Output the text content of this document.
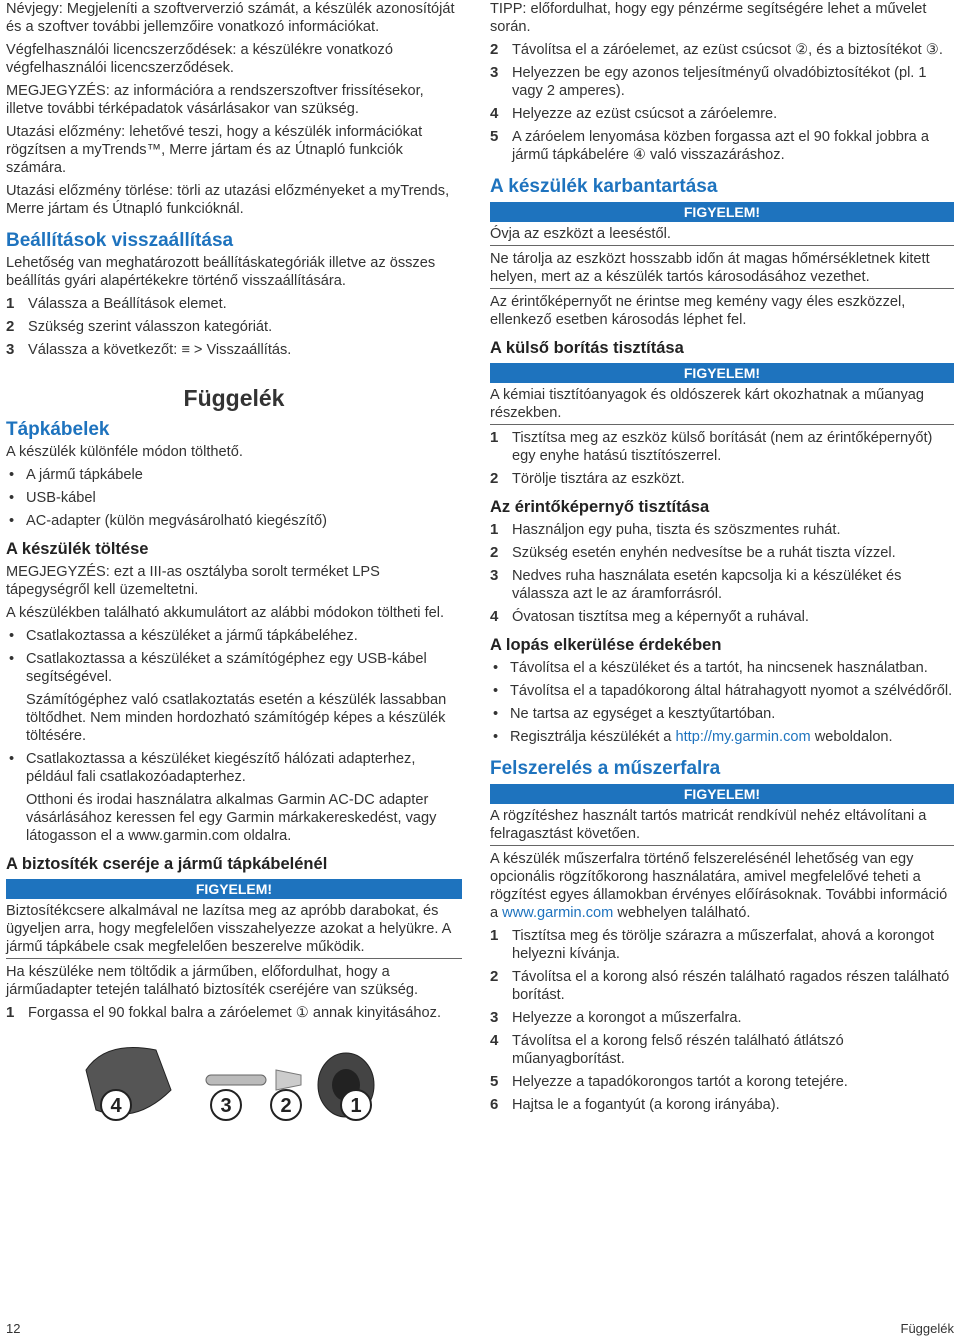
Névjegy: Megjeleníti a szoftververzió számát, a készülék azonosítóját és a szoftver további jellemzőire vonatkozó információkat.

Végfelhasználói licencszerződések: a készülékre vonatkozó végfelhasználói licencszerződések.

MEGJEGYZÉS: az információra a rendszerszoftver frissítésekor, illetve további térképadatok vásárlásakor van szükség.

Utazási előzmény: lehetővé teszi, hogy a készülék információkat rögzítsen a myTrends™, Merre jártam és az Útnapló funkciók számára.

Utazási előzmény törlése: törli az utazási előzményeket a myTrends, Merre jártam és Útnapló funkcióknál.

Beállítások visszaállítása

Lehetőség van meghatározott beállításkategóriák illetve az összes beállítás gyári alapértékekre történő visszaállítására.

1 Válassza a Beállítások elemet.
2 Szükség szerint válasszon kategóriát.
3 Válassza a következőt: ≡ > Visszaállítás.
Függelék
Tápkábelek

A készülék különféle módon tölthető.

• A jármű tápkábele
• USB-kábel
• AC-adapter (külön megvásárolható kiegészítő)
A készülék töltése

MEGJEGYZÉS: ezt a III-as osztályba sorolt terméket LPS tápegységről kell üzemeltetni.

A készülékben található akkumulátort az alábbi módokon töltheti fel.

• Csatlakoztassa a készüléket a jármű tápkábeléhez.
• Csatlakoztassa a készüléket a számítógéphez egy USB-kábel segítségével.

Számítógéphez való csatlakoztatás esetén a készülék lassabban töltődhet. Nem minden hordozható számítógép képes a készülék töltésére.

• Csatlakoztassa a készüléket kiegészítő hálózati adapterhez, például fali csatlakozóadapterhez.

Otthoni és irodai használatra alkalmas Garmin AC-DC adapter vásárlásához keressen fel egy Garmin márkakereskedést, vagy látogasson el a www.garmin.com oldalra.

A biztosíték cseréje a jármű tápkábelénél
FIGYELEM!

Biztosítékcsere alkalmával ne lazítsa meg az apróbb darabokat, és ügyeljen arra, hogy megfelelően visszahelyezze azokat a helyükre. A jármű tápkábele csak megfelelően beszerelve működik.

Ha készüléke nem töltődik a járműben, előfordulhat, hogy a járműadapter tetején található biztosíték cseréjére van szükség.

1 Forgassa el 90 fokkal balra a záróelemet ① annak kinyitásához.
4	3 2	1

TIPP: előfordulhat, hogy egy pénzérme segítségére lehet a művelet során.

2 Távolítsa el a záróelemet, az ezüst csúcsot ②, és a biztosítékot ③.
3 Helyezzen be egy azonos teljesítményű olvadóbiztosítékot (pl. 1 vagy 2 amperes).
4 Helyezze az ezüst csúcsot a záróelemre.
5 A záróelem lenyomása közben forgassa azt el 90 fokkal jobbra a jármű tápkábelére ④ való visszazáráshoz.
A készülék karbantartása
FIGYELEM!

Óvja az eszközt a leeséstől.

Ne tárolja az eszközt hosszabb időn át magas hőmérsékletnek kitett helyen, mert az a készülék tartós károsodásához vezethet.

Az érintőképernyőt ne érintse meg kemény vagy éles eszközzel, ellenkező esetben károsodás léphet fel.

A külső borítás tisztítása
FIGYELEM!

A kémiai tisztítóanyagok és oldószerek kárt okozhatnak a műanyag részekben.

1 Tisztítsa meg az eszköz külső borítását (nem az érintőképernyőt) egy enyhe hatású tisztítószerrel.
2 Törölje tisztára az eszközt.
Az érintőképernyő tisztítása
1 Használjon egy puha, tiszta és szöszmentes ruhát.
2 Szükség esetén enyhén nedvesítse be a ruhát tiszta vízzel.
3 Nedves ruha használata esetén kapcsolja ki a készüléket és válassza azt le az áramforrásról.
4 Óvatosan tisztítsa meg a képernyőt a ruhával.
A lopás elkerülése érdekében
• Távolítsa el a készüléket és a tartót, ha nincsenek használatban.
• Távolítsa el a tapadókorong által hátrahagyott nyomot a szélvédőről.
• Ne tartsa az egységet a kesztyűtartóban.
• Regisztrálja készülékét a http://my.garmin.com weboldalon.
Felszerelés a műszerfalra
FIGYELEM!

A rögzítéshez használt tartós matricát rendkívül nehéz eltávolítani a felragasztást követően.

A készülék műszerfalra történő felszerelésénél lehetőség van egy opcionális rögzítőkorong használatára, amivel megfelelővé teheti a rögzítést egyes államokban érvényes előírásoknak. További információ a www.garmin.com webhelyen található.

1 Tisztítsa meg és törölje szárazra a műszerfalat, ahová a korongot helyezni kívánja.
2 Távolítsa el a korong alsó részén található ragados részen található borítást.
3 Helyezze a korongot a műszerfalra.
4 Távolítsa el a korong felső részén található átlátszó műanyagborítást.
5 Helyezze a tapadókorongos tartót a korong tetejére.
6 Hajtsa le a fogantyút (a korong irányába).
12	Függelék
